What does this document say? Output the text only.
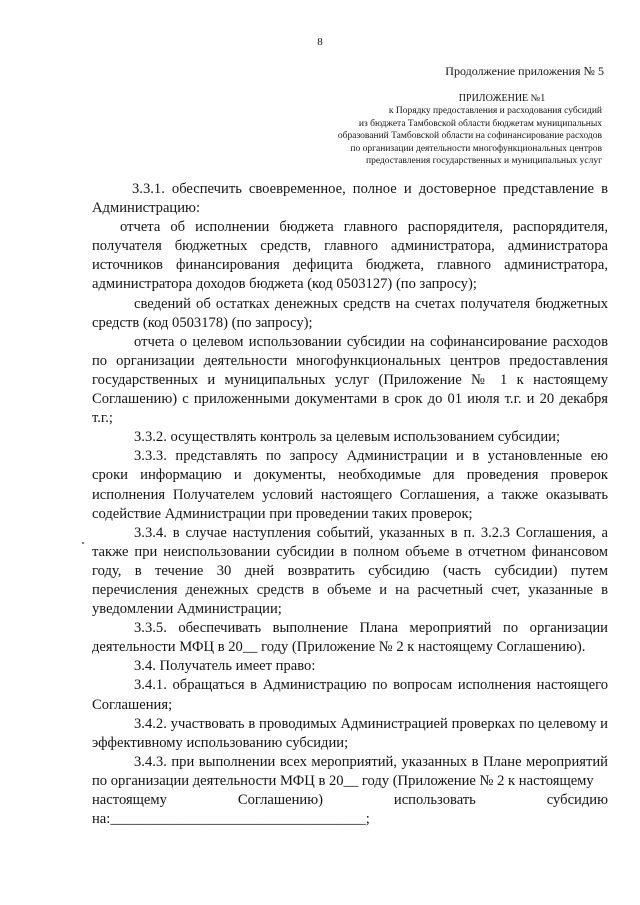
8
Продолжение приложения № 5
ПРИЛОЖЕНИЕ №1
к Порядку предоставления и расходования субсидий
из бюджета Тамбовской области бюджетам муниципальных
образований Тамбовской области на софинансирование расходов
по организации деятельности многофункциональных центров
предоставления государственных и муниципальных услуг

3.3.1. обеспечить своевременное, полное и достоверное представление в Администрацию:

отчета об исполнении бюджета главного распорядителя, распорядителя, получателя бюджетных средств, главного администратора, администратора источников финансирования дефицита бюджета, главного администратора, администратора доходов бюджета (код 0503127) (по запросу);

сведений об остатках денежных средств на счетах получателя бюджетных средств (код 0503178) (по запросу);

отчета о целевом использовании субсидии на софинансирование расходов по организации деятельности многофункциональных центров предоставления государственных и муниципальных услуг (Приложение № 1 к настоящему Соглашению) с приложенными документами в срок до 01 июля т.г. и 20 декабря т.г.;

3.3.2. осуществлять контроль за целевым использованием субсидии;

3.3.3. представлять по запросу Администрации и в установленные ею сроки информацию и документы, необходимые для проведения проверок исполнения Получателем условий настоящего Соглашения, а также оказывать содействие Администрации при проведении таких проверок;

3.3.4. в случае наступления событий, указанных в п. 3.2.3 Соглашения, а также при неиспользовании субсидии в полном объеме в отчетном финансовом году, в течение 30 дней возвратить субсидию (часть субсидии) путем перечисления денежных средств в объеме и на расчетный счет, указанные в уведомлении Администрации;

3.3.5. обеспечивать выполнение Плана мероприятий по организации деятельности МФЦ в 20__ году (Приложение № 2 к настоящему Соглашению).

3.4. Получатель имеет право:

3.4.1. обращаться в Администрацию по вопросам исполнения настоящего Соглашения;

3.4.2. участвовать в проводимых Администрацией проверках по целевому и эффективному использованию субсидии;

3.4.3. при выполнении всех мероприятий, указанных в Плане мероприятий по организации деятельности МФЦ в 20__ году (Приложение № 2 к настоящему

настоящему	Соглашению)	использовать	субсидию
на:___________________________________;
